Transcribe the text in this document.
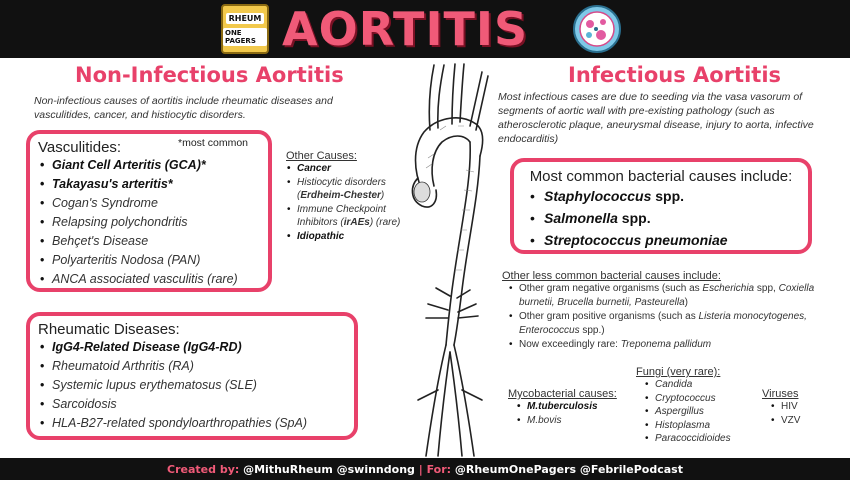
RHEUM
ONE PAGERS AORTITIS
Non-Infectious Aortitis
Non-infectious causes of aortitis include rheumatic diseases and vasculitides, cancer, and histiocytic disorders.
Vasculitides:
• Giant Cell Arteritis (GCA)*
• Takayasu's arteritis*
• Cogan's Syndrome
• Relapsing polychondritis
• Behçet's Disease
• Polyarteritis Nodosa (PAN)
• ANCA associated vasculitis (rare)
*most common
Other Causes:
• Cancer
• Histiocytic disorders (Erdheim-Chester)
• Immune Checkpoint Inhibitors (irAEs) (rare)
• Idiopathic
Rheumatic Diseases:
• IgG4-Related Disease (IgG4-RD)
• Rheumatoid Arthritis (RA)
• Systemic lupus erythematosus (SLE)
• Sarcoidosis
• HLA-B27-related spondyloarthropathies (SpA)
Infectious Aortitis
Most infectious cases are due to seeding via the vasa vasorum of segments of aortic wall with pre-existing pathology (such as atherosclerotic plaque, aneurysmal disease, injury to aorta, infective endocarditis)
Most common bacterial causes include:
• Staphylococcus spp.
• Salmonella spp.
• Streptococcus pneumoniae
Other less common bacterial causes include:
• Other gram negative organisms (such as Escherichia spp, Coxiella burnetii, Brucella burnetii, Pasteurella)
• Other gram positive organisms (such as Listeria monocytogenes, Enterococcus spp.)
• Now exceedingly rare: Treponema pallidum
Mycobacterial causes:
• M.tuberculosis
• M.bovis
Fungi (very rare):
• Candida
• Cryptococcus
• Aspergillus
• Histoplasma
• Paracoccidioides
Viruses
• HIV
• VZV
Created by: @MithuRheum @swinndong | For: @RheumOnePagers @FebrilePodcast
